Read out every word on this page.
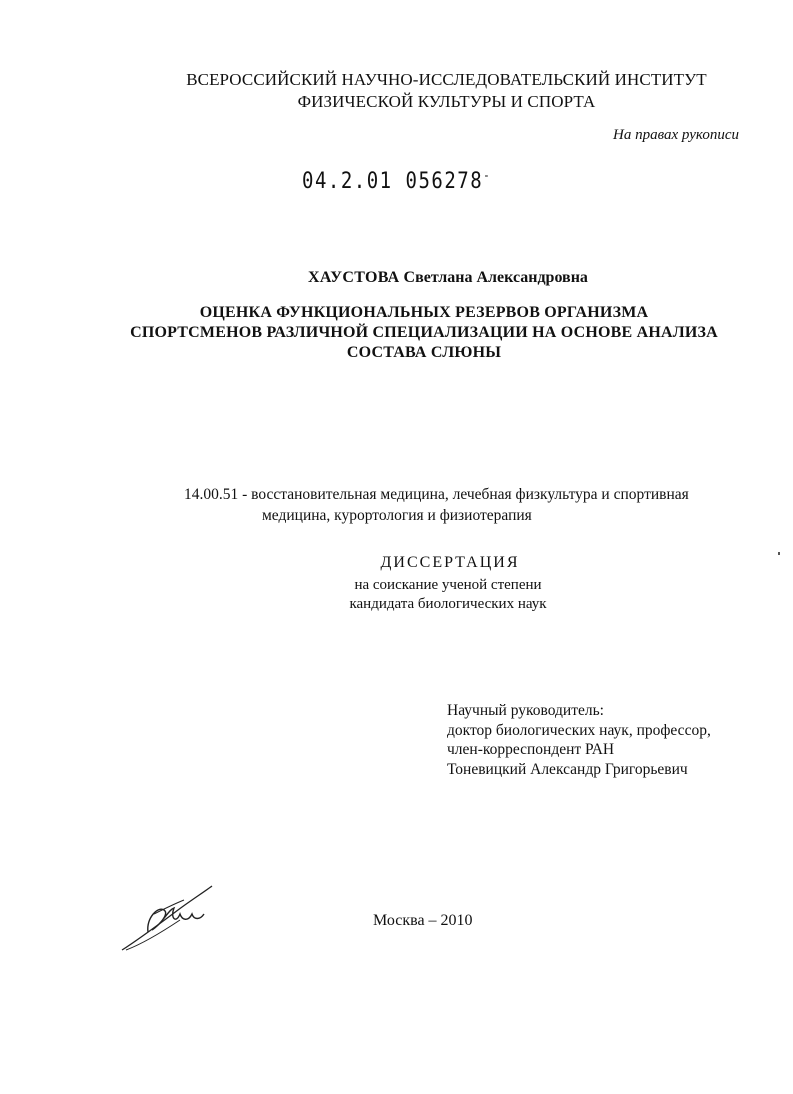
ВСЕРОССИЙСКИЙ НАУЧНО-ИССЛЕДОВАТЕЛЬСКИЙ ИНСТИТУТ
ФИЗИЧЕСКОЙ КУЛЬТУРЫ И СПОРТА
На правах рукописи
04.2.01 056278-
ХАУСТОВА Светлана Александровна
ОЦЕНКА ФУНКЦИОНАЛЬНЫХ РЕЗЕРВОВ ОРГАНИЗМА
СПОРТСМЕНОВ РАЗЛИЧНОЙ СПЕЦИАЛИЗАЦИИ НА ОСНОВЕ АНАЛИЗА
СОСТАВА СЛЮНЫ
14.00.51 - восстановительная медицина, лечебная физкультура и спортивная
медицина, курортология и физиотерапия
ДИССЕРТАЦИЯ
на соискание ученой степени
кандидата биологических наук
Научный руководитель:
доктор биологических наук, профессор,
член-корреспондент РАН
Тоневицкий Александр Григорьевич
Москва – 2010
